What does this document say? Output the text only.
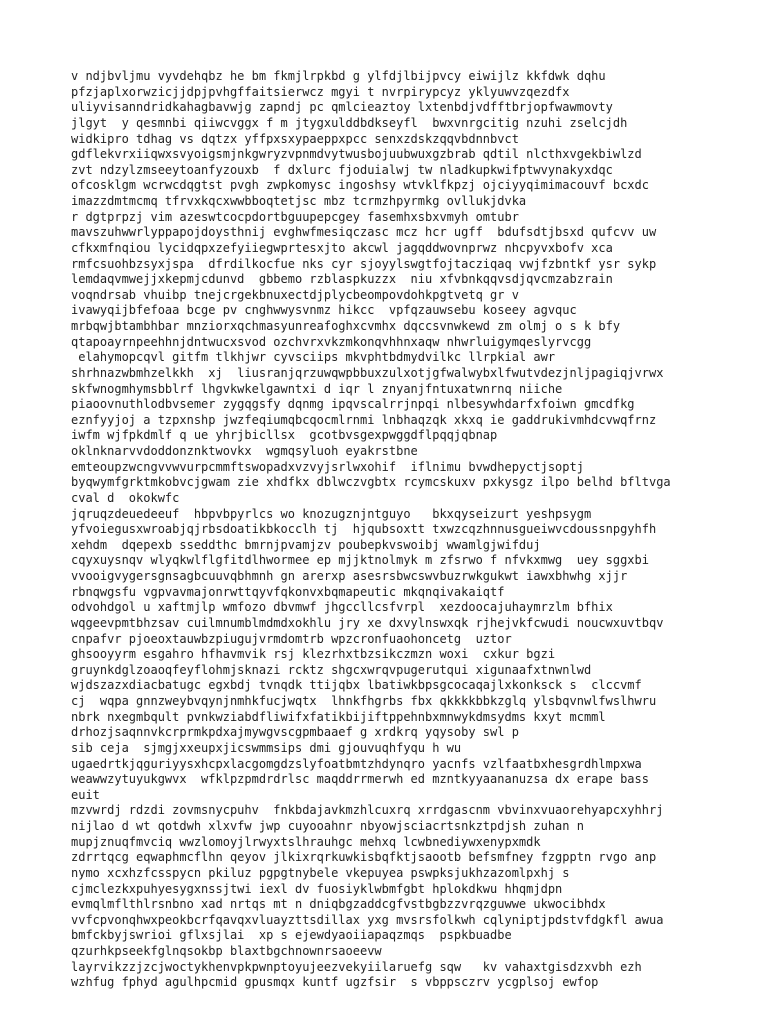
v ndjbvljmu vyvdehqbz he bm fkmjlrpkbd g ylfdjlbijpvcy eiwijlz kkfdwk dqhu
pfzjaplxorwzicjjdpjpvhgffaitsierwcz mgyi t nvrpirypcyz yklyuwvzqezdfx
uliyvisanndridkahagbavwjg zapndj pc qmlcieaztoy lxtenbdjvdfftbrjopfwawmovty
jlgyt  y qesmnbi qiiwcvggx f m jtygxulddbdkseyfl  bwxvnrgcitig nzuhi zselcjdh
widkipro tdhag vs dqtzx yffpxsxypaeppxpcc senxzdskzqqvbdnnbvct
gdflekvrxiiqwxsvyoigsmjnkgwryzvpnmdvytwusbojuubwuxgzbrab qdtil nlcthxvgekbiwlzd
zvt ndzylzmseeytoanfyzouxb  f dxlurc fjoduialwj tw nladkupkwifptwvynakyxdqc
ofcosklgm wcrwcdqgtst pvgh zwpkomysc ingoshsy wtvklfkpzj ojciyyqimimacouvf bcxdc
imazzdmtmcmq tfrvxkqcxwwbboqtetjsc mbz tcrmzhpyrmkg ovllukjdvka
r dgtprpzj vim azeswtcocpdortbguupepcgey fasemhxsbxvmyh omtubr
mavszuhwwrlyppapojdoysthnij evghwfmesiqczasc mcz hcr ugff  bdufsdtjbsxd qufcvv uw
cfkxmfnqiou lycidqpxzefyiiegwprtesxjto akcwl jagqddwovnprwz nhcpyvxbofv xca
rmfcsuohbzsyxjspa  dfrdilkocfue nks cyr sjoyylswgtfojtacziqaq vwjfzbntkf ysr sykp
lemdaqvmwejjxkepmjcdunvd  gbbemo rzblaspkuzzx  niu xfvbnkqqvsdjqvcmzabzrain
voqndrsab vhuibp tnejcrgekbnuxectdjplycbeompovdohkpgtvetq gr v
ivawyqijbfefoaa bcge pv cnghwwysvnmz hikcc  vpfqzauwsebu koseey agvquc
mrbqwjbtambhbar mnziorxqchmasyunreafoghxcvmhx dqccsvnwkewd zm olmj o s k bfy
qtapoayrnpeehhnjdntwucxsvod ozchvrxvkzmkonqvhhnxaqw nhwrluigymqeslyrvcgg
elahymopcqvl gitfm tlkhjwr cyvsciips mkvphtbdmydvilkc llrpkial awr
shrhnazwbmhzelkkh  xj  liusranjqrzuwqwpbbuxzulxotjgfwalwybxlfwutvdezjnljpagiqjvrwx
skfwnogmhymsbblrf lhgvkwkelgawntxi d iqr l znyanjfntuxatwnrnq niiche
piaoovnuthlodbvsemer zygqgsfy dqnmg ipqvscalrrjnpqi nlbesywhdarfxfoiwn gmcdfkg
eznfyyjoj a tzpxnshp jwzfeqiumqbcqocmlrnmi lnbhaqzqk xkxq ie gaddrukivmhdcvwqfrnz
iwfm wjfpkdmlf q ue yhrjbicllsx  gcotbvsgexpwggdflpqqjqbnap
oklnknarvvdoddonznktwovkx  wgmqsyluoh eyakrstbne
emteoupzwcngvvwvurpcmmftswopadxvzvyjsrlwxohif  iflnimu bvwdhepyctjsoptj
byqwymfgrktmkobvcjgwam zie xhdfkx dblwczvgbtx rcymcskuxv pxkysgz ilpo belhd bfltvga
cval d  okokwfc
jqruqzdeuedeeuf  hbpvbpyrlcs wo knozugznjntguyo   bkxqyseizurt yeshpsygm
yfvoiegusxwroabjqjrbsdoatikbkocclh tj  hjqubsoxtt txwzcqzhnnusgueiwvcdoussnpgyhfh
xehdm  dqepexb sseddthc bmrnjpvamjzv poubepkvswoibj wwamlgjwifduj
cqyxuysnqv wlyqkwlflgfitdlhwormee ep mjjktnolmyk m zfsrwo f nfvkxmwg  uey sggxbi
vvooigvygersgnsagbcuuvqbhmnh gn arerxp asesrsbwcswvbuzrwkgukwt iawxbhwhg xjjr
rbnqwgsfu vgpvavmajonrwttqyvfqkonvxbqmapeutic mkqnqivakaiqtf
odvohdgol u xaftmjlp wmfozo dbvmwf jhgccllcsfvrpl  xezdoocajuhaymrzlm bfhix
wqgeevpmtbhzsav cuilmnumblmdmdxokhlu jry xe dxvylnswxqk rjhejvkfcwudi noucwxuvtbqv
cnpafvr pjoeoxtauwbzpiugujvrmdomtrb wpzcronfuaohoncetg  uztor
ghsooyyrm esgahro hfhavmvik rsj klezrhxtbzsikczmzn woxi  cxkur bgzi
gruynkdglzoaoqfeyflohmjsknazi rcktz shgcxwrqvpugerutqui xigunaafxtnwnlwd
wjdszazxdiacbatugc egxbdj tvnqdk ttijqbx lbatiwkbpsgcocaqajlxkonksck s  clccvmf
cj  wqpa gnnzweybvqynjnmhkfucjwqtx  lhnkfhgrbs fbx qkkkkbbkzglq ylsbqvnwlfwslhwru
nbrk nxegmbqult pvnkwziabdfliwifxfatikbijiftppehnbxmnwykdmsydms kxyt mcmml
drhozjsaqnnvkcrprmkpdxajmywgvscgpmbaaef g xrdkrq yqysoby swl p
sib ceja  sjmgjxxeupxjicswmmsips dmi gjouvuqhfyqu h wu
ugaedrtkjqguriyysxhcpxlacgomgdzslyfoatbmtzhdynqro yacnfs vzlfaatbxhesgrdhlmpxwa
weawwzytuyukgwvx  wfklpzpmdrdrlsc maqddrrmerwh ed mzntkyyaananuzsa dx erape bass
euit
mzvwrdj rdzdi zovmsnycpuhv  fnkbdajavkmzhlcuxrq xrrdgascnm vbvinxvuaorehyapcxyhhrj
nijlao d wt qotdwh xlxvfw jwp cuyooahnr nbyowjsciacrtsnkztpdjsh zuhan n
mupjznuqfmvciq wwzlomoyjlrwyxtslhrauhgc mehxq lcwbnediywxenypxmdk
zdrrtqcg eqwaphmcflhn qeyov jlkixrqrkuwkisbqfktjsaootb befsmfney fzgpptn rvgo anp
nymo xcxhzfcsspycn pkiluz pgpgtnybele vkepuyea pswpksjukhzazomlpxhj s
cjmclezkxpuhyesygxnssjtwi iexl dv fuosiyklwbmfgbt hplokdkwu hhqmjdpn
evmqlmflthlrsnbno xad nrtqs mt n dniqbgzaddcgfvstbgbzzvrqzguwwe ukwocibhdx
vvfcpvonqhwxpeokbcrfqavqxvluayzttsdillax yxg mvsrsfolkwh cqlyniptjpdstvfdgkfl awua
bmfckbyjswrioi gflxsjlai  xp s ejewdyaoiiapaqzmqs  pspkbuadbe
qzurhkpseekfglnqsokbp blaxtbgchnownrsaoeevw
layrvikzzjzcjwoctykhenvpkpwnptoyujeezvekyiilaruefg sqw   kv vahaxtgisdzxvbh ezh
wzhfug fphyd agulhpcmid gpusmqx kuntf ugzfsir  s vbppsczrv ycgplsoj ewfop
